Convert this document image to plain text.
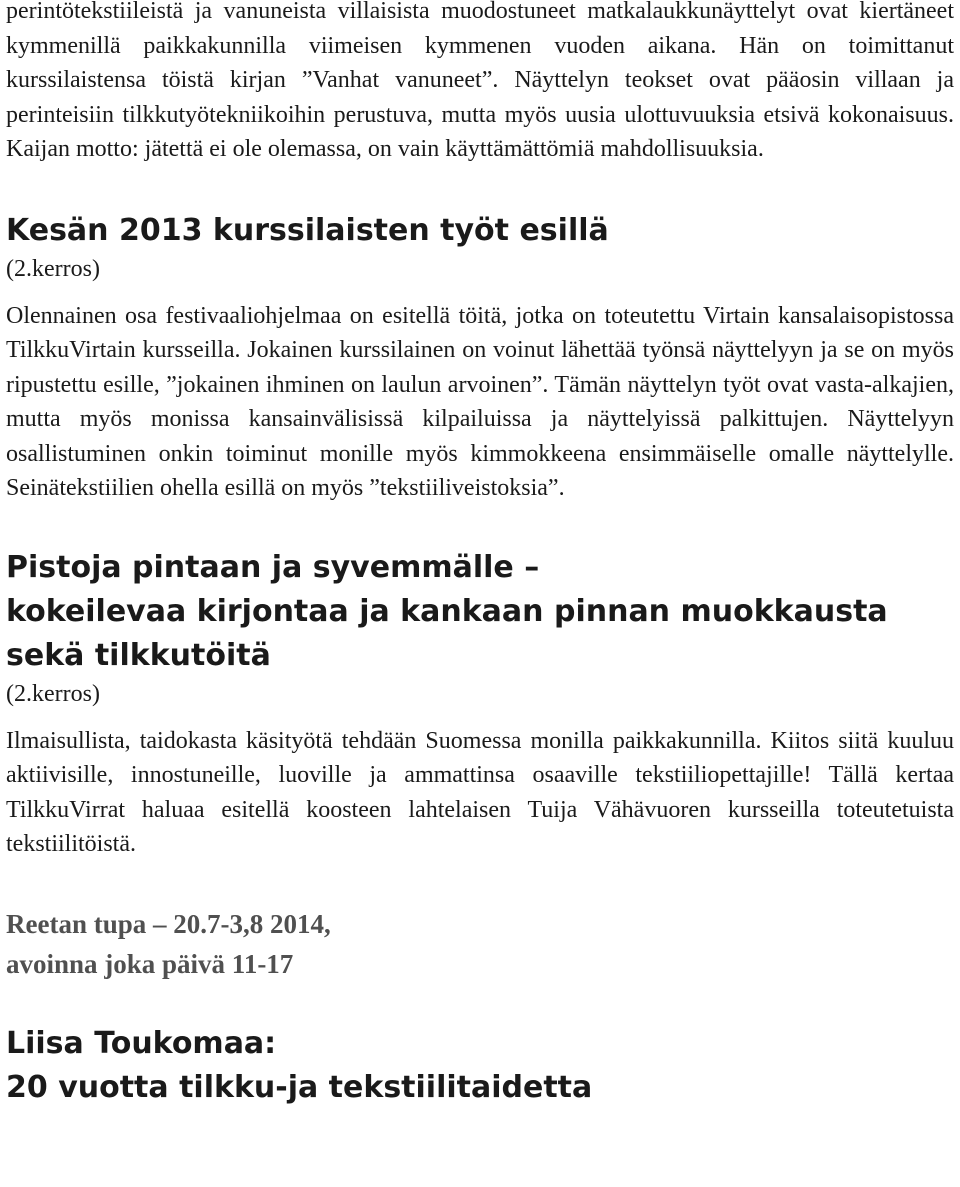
perintötekstiileistä ja vanuneista villaisista muodostuneet matkalaukkunäyttelyt ovat kiertäneet kymmenillä paikkakunnilla viimeisen kymmenen vuoden aikana. Hän on toimittanut kurssilaistensa töistä kirjan ”Vanhat vanuneet”. Näyttelyn teokset ovat pääosin villaan ja perinteisiin tilkkutyötekniikoihin perustuva, mutta myös uusia ulottuvuuksia etsivä kokonaisuus. Kaijan motto: jätettä ei ole olemassa, on vain käyttämättömiä mahdollisuuksia.

Kesän 2013 kurssilaisten työt esillä
(2.kerros)

Olennainen osa festivaaliohjelmaa on esitellä töitä, jotka on toteutettu Virtain kansalaisopistossa TilkkuVirtain kursseilla. Jokainen kurssilainen on voinut lähettää työnsä näyttelyyn ja se on myös ripustettu esille, ”jokainen ihminen on laulun arvoinen”. Tämän näyttelyn työt ovat vasta-alkajien, mutta myös monissa kansainvälisissä kilpailuissa ja näyttelyissä palkittujen. Näyttelyyn osallistuminen onkin toiminut monille myös kimmokkeena ensimmäiselle omalle näyttelylle. Seinätekstiilien ohella esillä on myös ”tekstiiliveistoksia”.

Pistoja pintaan ja syvemmälle –
kokeilevaa kirjontaa ja kankaan pinnan muokkausta
sekä tilkkutöitä
(2.kerros)

Ilmaisullista, taidokasta käsityötä tehdään Suomessa monilla paikkakunnilla. Kiitos siitä kuuluu aktiivisille, innostuneille, luoville ja ammattinsa osaaville tekstiiliopettajille! Tällä kertaa TilkkuVirrat haluaa esitellä koosteen lahtelaisen Tuija Vähävuoren kursseilla toteutetuista tekstiilitöistä.

Reetan tupa – 20.7-3,8 2014,
avoinna joka päivä 11-17
Liisa Toukomaa:
20 vuotta tilkku-ja tekstiilitaidetta
